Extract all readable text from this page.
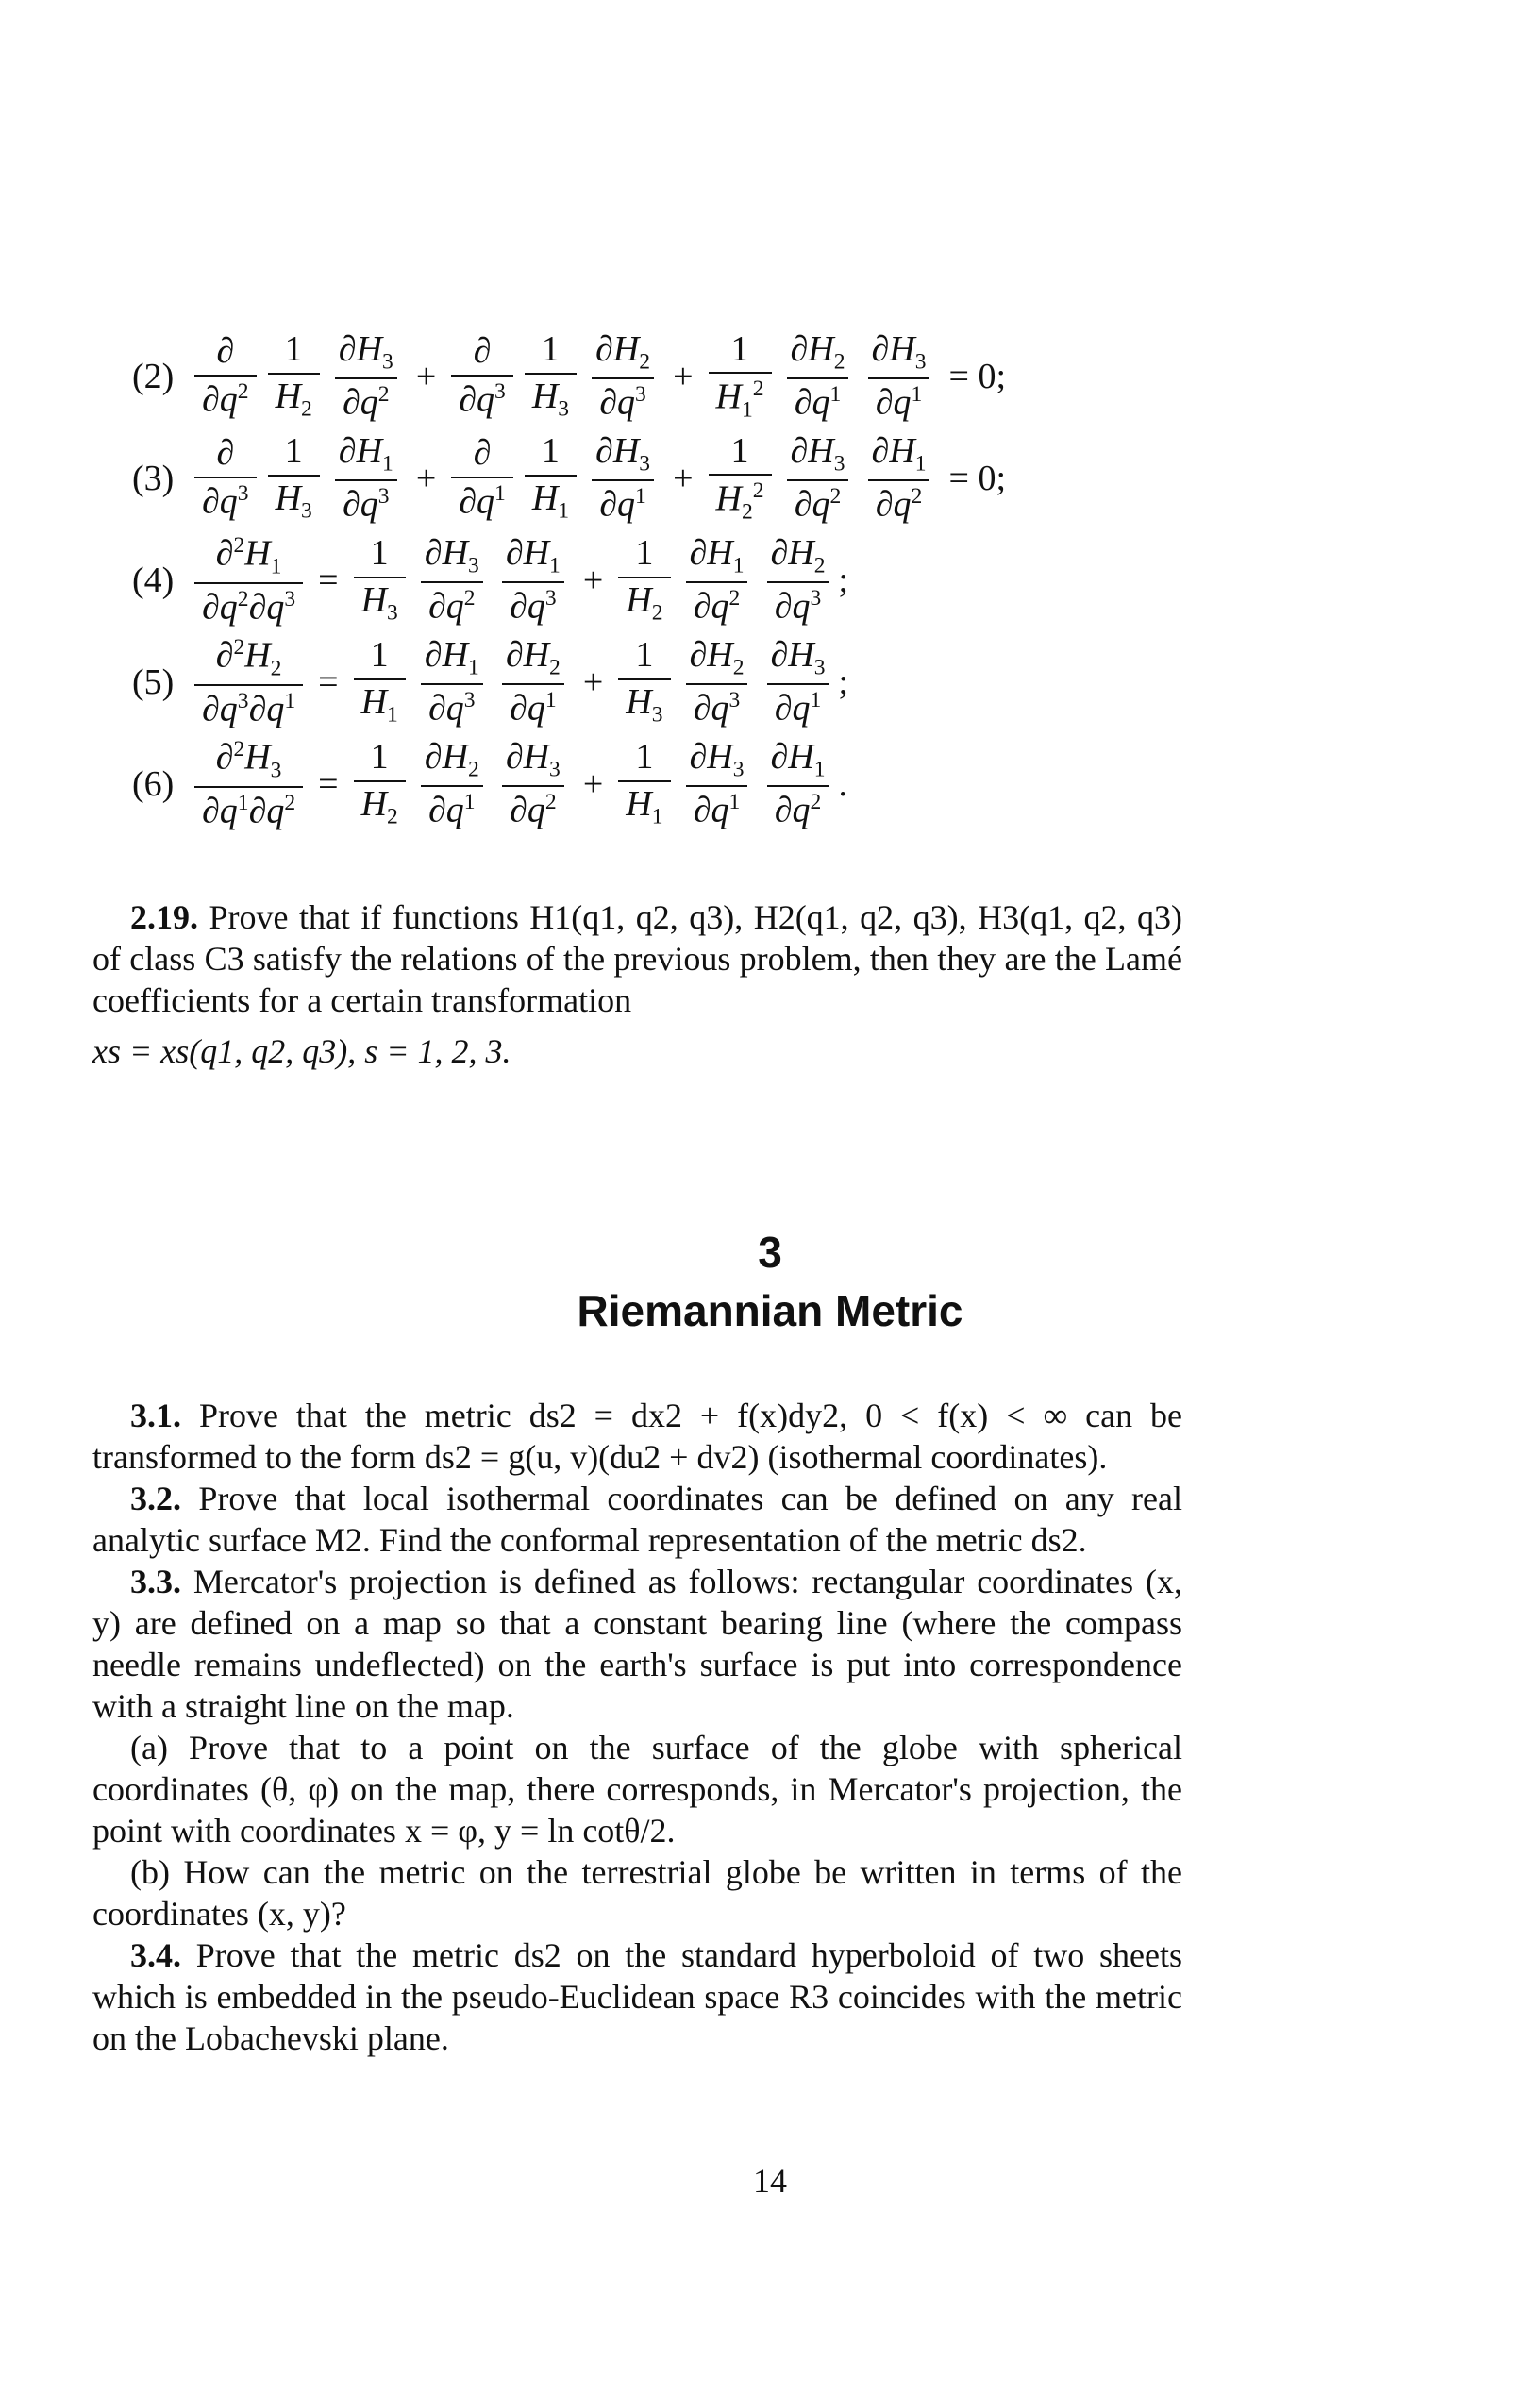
$(2) \frac{\partial}{\partial q^2} \frac{1}{H_2} \frac{\partial H_3}{\partial q^2} + \frac{\partial}{\partial q^3} \frac{1}{H_3} \frac{\partial H_2}{\partial q^3} + \frac{1}{H_1^2} \frac{\partial H_2}{\partial q^1} \frac{\partial H_3}{\partial q^1} = 0$;
$(3) \frac{\partial}{\partial q^3} \frac{1}{H_3} \frac{\partial H_1}{\partial q^3} + \frac{\partial}{\partial q^1} \frac{1}{H_1} \frac{\partial H_3}{\partial q^1} + \frac{1}{H_2^2} \frac{\partial H_3}{\partial q^2} \frac{\partial H_1}{\partial q^2} = 0$;
$(4) \frac{\partial^2H_1}{\partial q^2\partial q^3} = \frac{1}{H_3} \frac{\partial H_3}{\partial q^2} \frac{\partial H_1}{\partial q^3} + \frac{1}{H_2} \frac{\partial H_1}{\partial q^2} \frac{\partial H_2}{\partial q^3}$ ;
$(5) \frac{\partial^2H_2}{\partial q^3\partial q^1} = \frac{1}{H_1} \frac{\partial H_1}{\partial q^3} \frac{\partial H_2}{\partial q^1} + \frac{1}{H_3} \frac{\partial H_2}{\partial q^3} \frac{\partial H_3}{\partial q^1}$ ;
$(6) \frac{\partial^2H_3}{\partial q^1\partial q^2} = \frac{1}{H_2} \frac{\partial H_2}{\partial q^1} \frac{\partial H_3}{\partial q^2} + \frac{1}{H_1} \frac{\partial H_3}{\partial q^1} \frac{\partial H_1}{\partial q^2}$ .

2.19. Prove that if functions H1(q1, q2, q3), H2(q1, q2, q3), H3(q1, q2, q3) of class C3 satisfy the relations of the previous problem, then they are the Lamé coefficients for a certain transformation

xs = xs(q1, q2, q3), s = 1, 2, 3.

3
Riemannian Metric

3.1. Prove that the metric ds2 = dx2 + f(x)dy2, 0 < f(x) < ∞ can be transformed to the form ds2 = g(u, v)(du2 + dv2) (isothermal coordinates).

3.2. Prove that local isothermal coordinates can be defined on any real analytic surface M2. Find the conformal representation of the metric ds2.

3.3. Mercator's projection is defined as follows: rectangular coordinates (x, y) are defined on a map so that a constant bearing line (where the compass needle remains undeflected) on the earth's surface is put into correspondence with a straight line on the map.

(a) Prove that to a point on the surface of the globe with spherical coordinates (θ, φ) on the map, there corresponds, in Mercator's projection, the point with coordinates x = φ, y = ln cotθ/2.

(b) How can the metric on the terrestrial globe be written in terms of the coordinates (x, y)?

3.4. Prove that the metric ds2 on the standard hyperboloid of two sheets which is embedded in the pseudo-Euclidean space R3 coincides with the metric on the Lobachevski plane.

14
